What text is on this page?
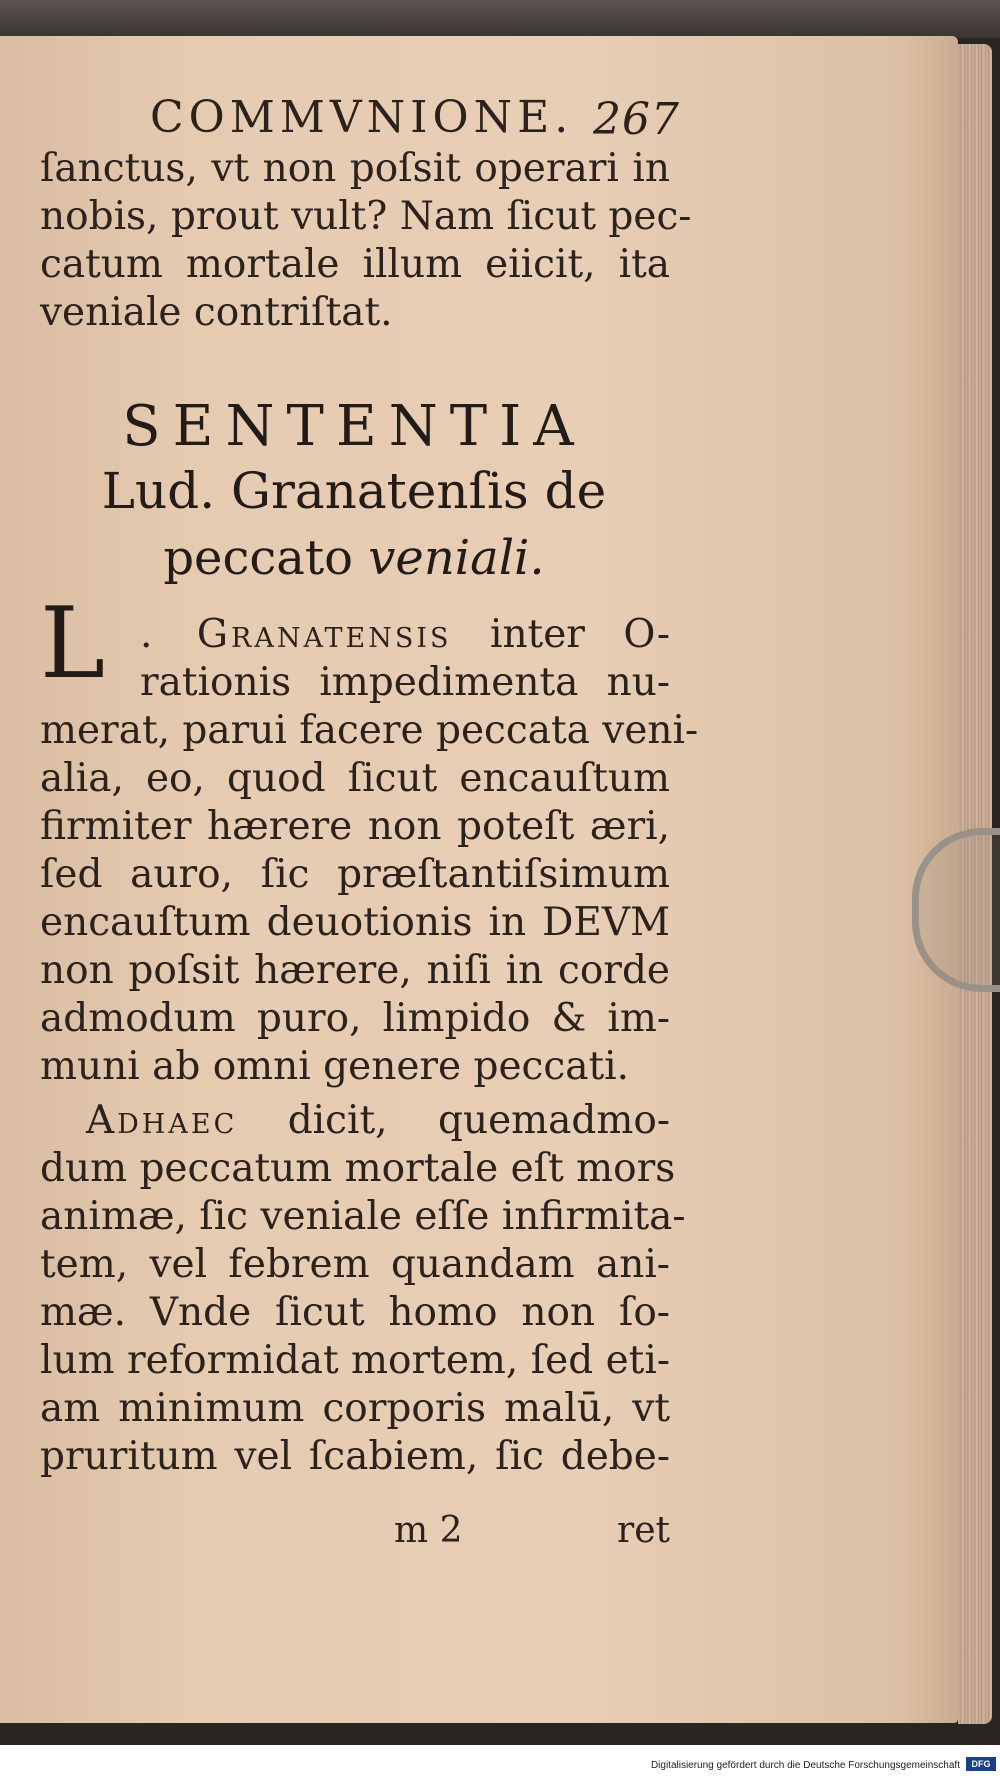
COMMVNIONE. 267
ſanctus, vt non poſsit operari in
nobis, prout vult? Nam ſicut pec-
catum mortale illum eiicit, ita
veniale contriſtat.
SENTENTIA
Lud. Granatenſis de
peccato veniali.
L . Granatensis inter O-
rationis impedimenta nu-
merat, parui facere peccata veni-
alia, eo, quod ſicut encauſtum
firmiter hærere non poteſt æri,
ſed auro, ſic præſtantiſsimum
encauſtum deuotionis in DEVM
non poſsit hærere, niſi in corde
admodum puro, limpido & im-
muni ab omni genere peccati.
Adhaec dicit, quemadmo-
dum peccatum mortale eſt mors
animæ, ſic veniale eſſe infirmita-
tem, vel febrem quandam ani-
mæ. Vnde ſicut homo non ſo-
lum reformidat mortem, ſed eti-
am minimum corporis malū, vt
pruritum vel ſcabiem, ſic debe-
m 2	ret
Digitalisierung gefördert durch die Deutsche Forschungsgemeinschaft	DFG
